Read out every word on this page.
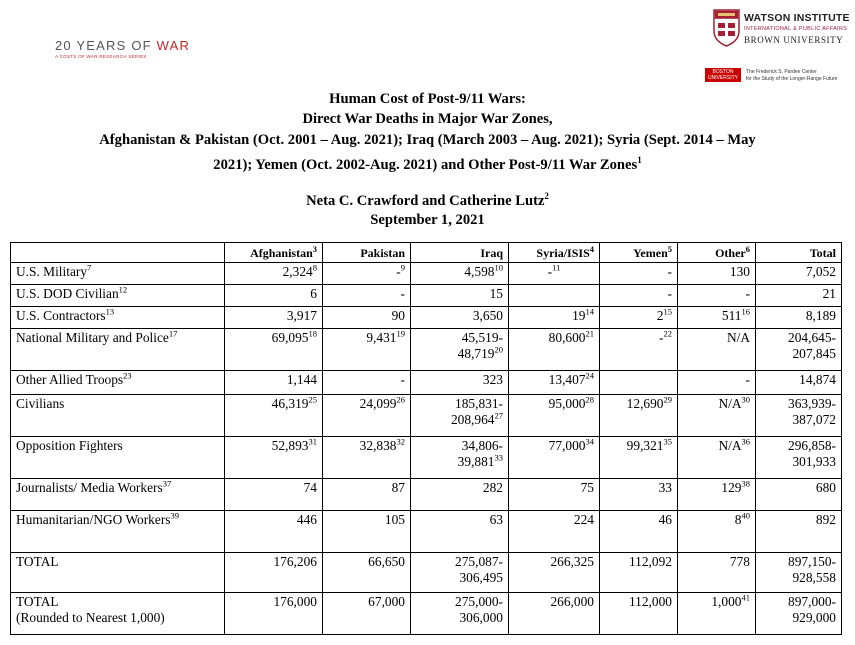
20 YEARS OF WAR
A COSTS OF WAR RESEARCH SERIES
WATSON INSTITUTE
INTERNATIONAL & PUBLIC AFFAIRS
BROWN UNIVERSITY
BOSTON UNIVERSITY
The Frederick S. Pardee Center
for the Study of the Longer-Range Future
Human Cost of Post-9/11 Wars:
Direct War Deaths in Major War Zones,
Afghanistan & Pakistan (Oct. 2001 – Aug. 2021); Iraq (March 2003 – Aug. 2021); Syria (Sept. 2014 – May
2021); Yemen (Oct. 2002-Aug. 2021) and Other Post-9/11 War Zones$^1$
Neta C. Crawford and Catherine Lutz$^2$
September 1, 2021
	Afghanistan$^3$	Pakistan	Iraq	Syria/ISIS$^4$	Yemen$^5$	Other$^6$	Total
U.S. Military$^7$	2,324$^8$	-$^9$	4,598$^{10}$	-$^{11}$	-	130	7,052
U.S. DOD Civilian$^{12}$	6	-	15		-	-	21
U.S. Contractors$^{13}$	3,917	90	3,650	$19^{14}$	$2^{15}$	$511^{16}$	8,189
National Military and Police$^{17}$	69,095$^{18}$	9,431$^{19}$	45,519-
48,719$^{20}$	80,600$^{21}$	-$^{22}$	N/A	204,645-
207,845
Other Allied Troops$^{23}$	1,144	-	323	13,407$^{24}$		-	14,874
Civilians	46,319$^{25}$	24,099$^{26}$	185,831-
208,964$^{27}$	95,000$^{28}$	12,690$^{29}$	$N/A^{30}$	363,939-
387,072
Opposition Fighters	52,893$^{31}$	32,838$^{32}$	34,806-
39,881$^{33}$	77,000$^{34}$	99,321$^{35}$	$N/A^{36}$	296,858-
301,933
Journalists/ Media Workers$^{37}$	74	87	282	75	33	$129^{38}$	680
Humanitarian/NGO Workers$^{39}$	446	105	63	224	46	$8^{40}$	892
TOTAL	176,206	66,650	275,087-
306,495	266,325	112,092	778	897,150-
928,558
TOTAL
(Rounded to Nearest 1,000)	176,000	67,000	275,000-
306,000	266,000	112,000	1,000$^{41}$	897,000-
929,000
